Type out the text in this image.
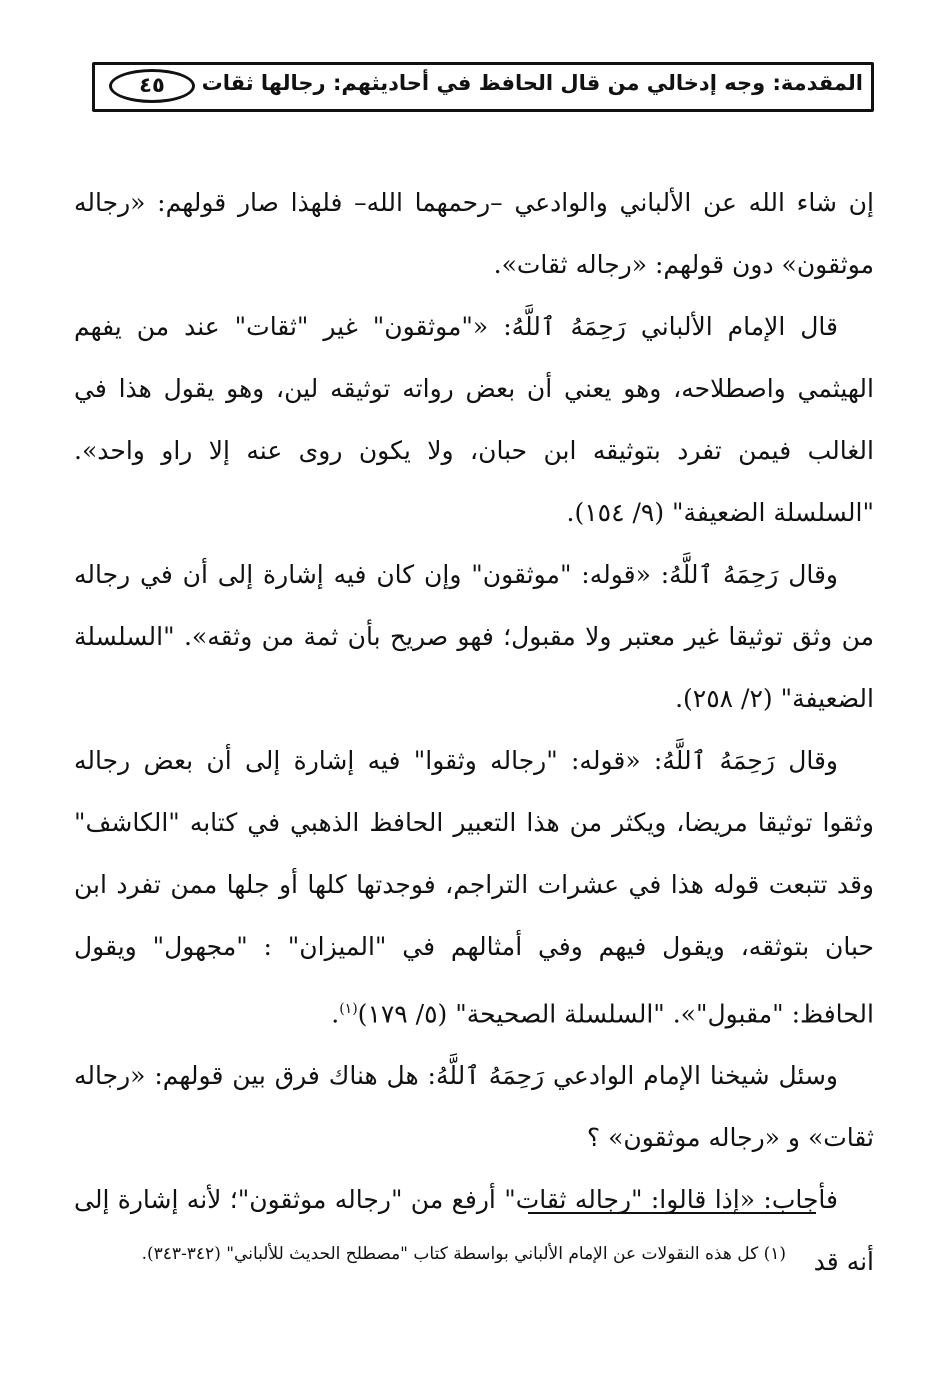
المقدمة: وجه إدخالي من قال الحافظ في أحاديثهم: رجالها ثقات
٤٥

إن شاء الله عن الألباني والوادعي –رحمهما الله– فلهذا صار قولهم: «رجاله موثقون» دون قولهم: «رجاله ثقات».

قال الإمام الألباني رَحِمَهُ ٱللَّهُ: «"موثقون" غير "ثقات" عند من يفهم الهيثمي واصطلاحه، وهو يعني أن بعض رواته توثيقه لين، وهو يقول هذا في الغالب فيمن تفرد بتوثيقه ابن حبان، ولا يكون روى عنه إلا راو واحد». "السلسلة الضعيفة" (٩/ ١٥٤).

وقال رَحِمَهُ ٱللَّهُ: «قوله: "موثقون" وإن كان فيه إشارة إلى أن في رجاله من وثق توثيقا غير معتبر ولا مقبول؛ فهو صريح بأن ثمة من وثقه». "السلسلة الضعيفة" (٢/ ٢٥٨).

وقال رَحِمَهُ ٱللَّهُ: «قوله: "رجاله وثقوا" فيه إشارة إلى أن بعض رجاله وثقوا توثيقا مريضا، ويكثر من هذا التعبير الحافظ الذهبي في كتابه "الكاشف" وقد تتبعت قوله هذا في عشرات التراجم، فوجدتها كلها أو جلها ممن تفرد ابن حبان بتوثقه، ويقول فيهم وفي أمثالهم في "الميزان" : "مجهول" ويقول الحافظ: "مقبول"». "السلسلة الصحيحة" (٥/ ١٧٩)$^{(١)}$.

وسئل شيخنا الإمام الوادعي رَحِمَهُ ٱللَّهُ: هل هناك فرق بين قولهم: «رجاله ثقات» و «رجاله موثقون» ؟

فأجاب: «إذا قالوا: "رجاله ثقات" أرفع من "رجاله موثقون"؛ لأنه إشارة إلى أنه قد

(١) كل هذه النقولات عن الإمام الألباني بواسطة كتاب "مصطلح الحديث للألباني" (٣٤٢-٣٤٣).
